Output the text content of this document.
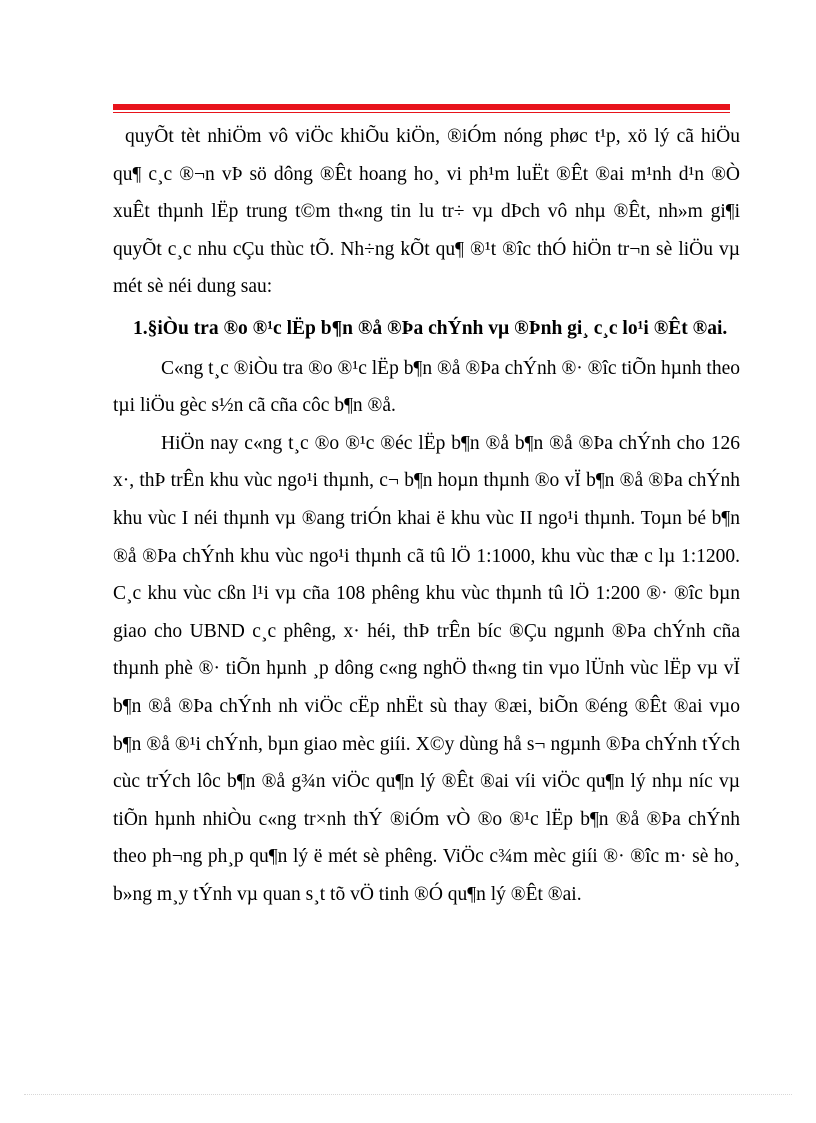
quyÕt tèt nhiÖm vô viÖc khiÕu kiÖn, ®iÓm nóng phøc t¹p, xö lý cã hiÖu qu¶ c¸c ®¬n vÞ sö dông ®Êt hoang ho¸ vi ph¹m luËt ®Êt ®ai m¹nh d¹n ®Ò xuÊt thµnh lËp trung t©m th«ng tin lu tr÷ vµ dÞch vô nhµ ®Êt, nh»m gi¶i quyÕt c¸c nhu cÇu thùc tÕ. Nh÷ng kÕt qu¶ ®¹t ®îc thÓ hiÖn tr¬n sè liÖu vµ mét sè néi dung sau:

1.§iÒu tra ®o ®¹c lËp b¶n ®å ®Þa chÝnh vµ ®Þnh gi¸ c¸c lo¹i ®Êt ®ai.

C«ng t¸c ®iÒu tra ®o ®¹c lËp b¶n ®å ®Þa chÝnh ®· ®îc tiÕn hµnh theo tµi liÖu gèc s½n cã cña côc b¶n ®å.

HiÖn nay c«ng t¸c ®o ®¹c ®éc lËp b¶n ®å b¶n ®å ®Þa chÝnh cho 126 x·, thÞ trÊn khu vùc ngo¹i thµnh, c¬ b¶n hoµn thµnh ®o vÏ b¶n ®å ®Þa chÝnh khu vùc I néi thµnh vµ ®ang triÓn khai ë khu vùc II ngo¹i thµnh. Toµn bé b¶n ®å ®Þa chÝnh khu vùc ngo¹i thµnh cã tû lÖ 1:1000, khu vùc thæ c lµ 1:1200. C¸c khu vùc cßn l¹i vµ cña 108 phêng khu vùc thµnh tû lÖ 1:200 ®· ®îc bµn giao cho UBND c¸c phêng, x· héi, thÞ trÊn bíc ®Çu ngµnh ®Þa chÝnh cña thµnh phè ®· tiÕn hµnh ¸p dông c«ng nghÖ th«ng tin vµo lÜnh vùc lËp vµ vÏ b¶n ®å ®Þa chÝnh nh viÖc cËp nhËt sù thay ®æi, biÕn ®éng ®Êt ®ai vµo b¶n ®å ®¹i chÝnh, bµn giao mèc giíi. X©y dùng hå s¬ ngµnh ®Þa chÝnh tÝch cùc trÝch lôc b¶n ®å g¾n viÖc qu¶n lý ®Êt ®ai víi viÖc qu¶n lý nhµ níc vµ tiÕn hµnh nhiÒu c«ng tr×nh thÝ ®iÓm vÒ ®o ®¹c lËp b¶n ®å ®Þa chÝnh theo ph¬ng ph¸p qu¶n lý ë mét sè phêng. ViÖc c¾m mèc giíi ®· ®îc m· sè ho¸ b»ng m¸y tÝnh vµ quan s¸t tõ vÖ tinh ®Ó qu¶n lý ®Êt ®ai.
